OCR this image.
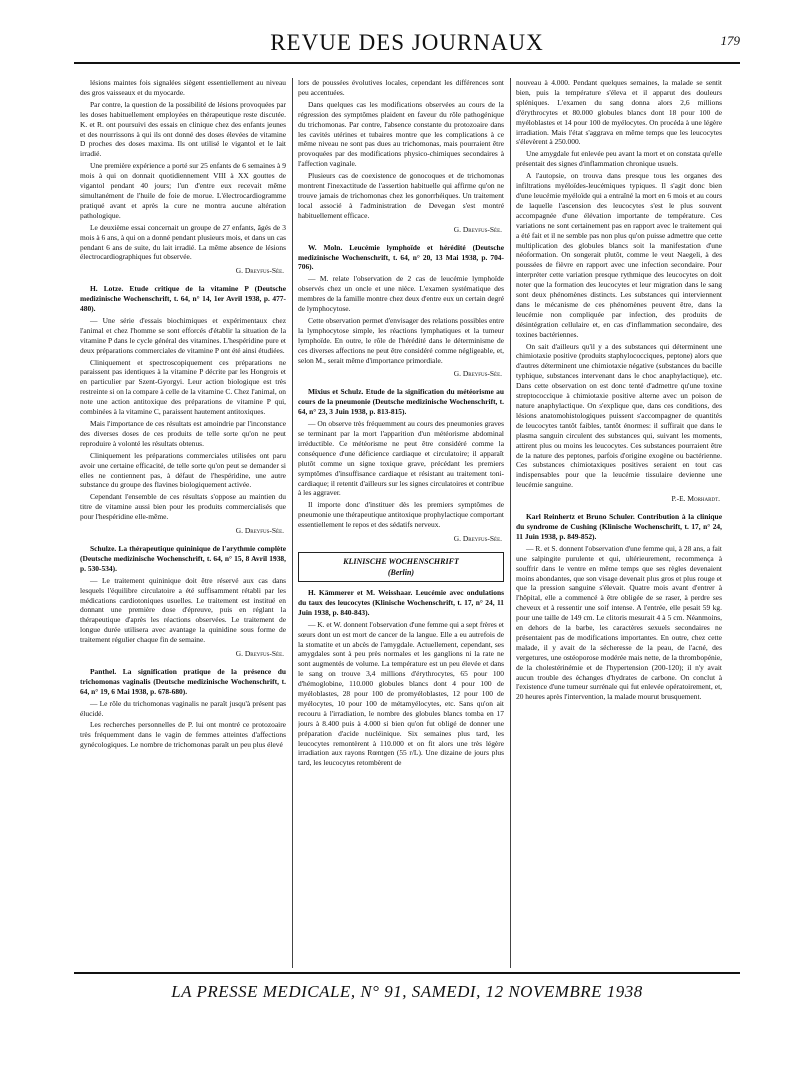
REVUE DES JOURNAUX	179

lésions maintes fois signalées siègent essentiellement au niveau des gros vaisseaux et du myocarde.

Par contre, la question de la possibilité de lésions provoquées par les doses habituellement employées en thérapeutique reste discutée. K. et R. ont poursuivi des essais en clinique chez des enfants jeunes et des nourrissons à qui ils ont donné des doses élevées de vitamine D proches des doses maxima. Ils ont utilisé le vigantol et le lait irradié.

Une première expérience a porté sur 25 enfants de 6 semaines à 9 mois à qui on donnait quotidiennement VIII à XX gouttes de vigantol pendant 40 jours; l'un d'entre eux recevait même simultanément de l'huile de foie de morue. L'électrocardiogramme pratiqué avant et après la cure ne montra aucune altération pathologique.

Le deuxième essai concernait un groupe de 27 enfants, âgés de 3 mois à 6 ans, à qui on a donné pendant plusieurs mois, et dans un cas pendant 6 ans de suite, du lait irradié. La même absence de lésions électrocardiographiques fut observée.

G. Dreyfus-Sée.

H. Lotze. Etude critique de la vitamine P (Deutsche medizinische Wochenschrift, t. 64, n° 14, 1er Avril 1938, p. 477-480).

— Une série d'essais biochimiques et expérimentaux chez l'animal et chez l'homme se sont efforcés d'établir la situation de la vitamine P dans le cycle général des vitamines. L'hespéridine pure et deux préparations commerciales de vitamine P ont été ainsi étudiées.

Cliniquement et spectroscopiquement ces préparations ne paraissent pas identiques à la vitamine P décrite par les Hongrois et en particulier par Szent-Gyorgyi. Leur action biologique est très restreinte si on la compare à celle de la vitamine C. Chez l'animal, on note une action antitoxique des préparations de vitamine P qui, combinées à la vitamine C, paraissent hautement antitoxiques.

Mais l'importance de ces résultats est amoindrie par l'inconstance des diverses doses de ces produits de telle sorte qu'on ne peut reproduire à volonté les résultats obtenus.

Cliniquement les préparations commerciales utilisées ont paru avoir une certaine efficacité, de telle sorte qu'on peut se demander si elles ne contiennent pas, à défaut de l'hespéridine, une autre substance du groupe des flavines biologiquement activée.

Cependant l'ensemble de ces résultats s'oppose au maintien du titre de vitamine aussi bien pour les produits commercialisés que pour l'hespéridine elle-même.

G. Dreyfus-Sée.

Schulze. La thérapeutique quininique de l'arythmie complète (Deutsche medizinische Wochenschrift, t. 64, n° 15, 8 Avril 1938, p. 530-534).

— Le traitement quininique doit être réservé aux cas dans lesquels l'équilibre circulatoire a été suffisamment rétabli par les médications cardiotoniques usuelles. Le traitement est institué en donnant une première dose d'épreuve, puis en réglant la thérapeutique d'après les réactions observées. Le traitement de longue durée utilisera avec avantage la quinidine sous forme de traitement régulier chaque fin de semaine.

G. Dreyfus-Sée.

Panthel. La signification pratique de la présence du trichomonas vaginalis (Deutsche medizinische Wochenschrift, t. 64, n° 19, 6 Mai 1938, p. 678-680).

— Le rôle du trichomonas vaginalis ne paraît jusqu'à présent pas élucidé.

Les recherches personnelles de P. lui ont montré ce protozoaire très fréquemment dans le vagin de femmes atteintes d'affections gynécologiques. Le nombre de trichomonas paraît un peu plus élevé

lors de poussées évolutives locales, cependant les différences sont peu accentuées.

Dans quelques cas les modifications observées au cours de la régression des symptômes plaident en faveur du rôle pathogénique du trichomonas. Par contre, l'absence constante du protozoaire dans les cavités utérines et tubaires montre que les complications à ce même niveau ne sont pas dues au trichomonas, mais pourraient être provoquées par des modifications physico-chimiques secondaires à l'affection vaginale.

Plusieurs cas de coexistence de gonocoques et de trichomonas montrent l'inexactitude de l'assertion habituelle qui affirme qu'on ne trouve jamais de trichomonas chez les gonorrhéiques. Un traitement local associé à l'administration de Devegan s'est montré habituellement efficace.

G. Dreyfus-Sée.

W. Moln. Leucémie lymphoïde et hérédité (Deutsche medizinische Wochenschrift, t. 64, n° 20, 13 Mai 1938, p. 704-706).

— M. relate l'observation de 2 cas de leucémie lymphoïde observés chez un oncle et une nièce. L'examen systématique des membres de la famille montre chez deux d'entre eux un certain degré de lymphocytose.

Cette observation permet d'envisager des relations possibles entre la lymphocytose simple, les réactions lymphatiques et la tumeur lymphoïde. En outre, le rôle de l'hérédité dans le déterminisme de ces diverses affections ne peut être considéré comme négligeable, et, selon M., serait même d'importance primordiale.

G. Dreyfus-Sée.

Mixius et Schulz. Etude de la signification du météorisme au cours de la pneumonie (Deutsche medizinische Wochenschrift, t. 64, n° 23, 3 Juin 1938, p. 813-815).

— On observe très fréquemment au cours des pneumonies graves se terminant par la mort l'apparition d'un météorisme abdominal irréductible. Ce météorisme ne peut être considéré comme la conséquence d'une déficience cardiaque et circulatoire; il apparaît plutôt comme un signe toxique grave, précédant les premiers symptômes d'insuffisance cardiaque et résistant au traitement toni-cardiaque; il retentit d'ailleurs sur les signes circulatoires et contribue à les aggraver.

Il importe donc d'instituer dès les premiers symptômes de pneumonie une thérapeutique antitoxique prophylactique comportant essentiellement le repos et des sédatifs nerveux.

G. Dreyfus-Sée.

KLINISCHE WOCHENSCHRIFT
(Berlin)

H. Kämmerer et M. Weisshaar. Leucémie avec ondulations du taux des leucocytes (Klinische Wochenschrift, t. 17, n° 24, 11 Juin 1938, p. 840-843).

— K. et W. donnent l'observation d'une femme qui a sept frères et sœurs dont un est mort de cancer de la langue. Elle a eu autrefois de la stomatite et un abcès de l'amygdale. Actuellement, cependant, ses amygdales sont à peu près normales et les ganglions ni la rate ne sont augmentés de volume. La température est un peu élevée et dans le sang on trouve 3,4 millions d'érythrocytes, 65 pour 100 d'hémoglobine, 110.000 globules blancs dont 4 pour 100 de myéloblastes, 28 pour 100 de promyéloblastes, 12 pour 100 de myélocytes, 10 pour 100 de métamyélocytes, etc. Sans qu'on ait recouru à l'irradiation, le nombre des globules blancs tomba en 17 jours à 8.400 puis à 4.000 si bien qu'on fut obligé de donner une préparation d'acide nucléinique. Six semaines plus tard, les leucocytes remontèrent à 110.000 et on fit alors une très légère irradiation aux rayons Rœntgen (55 r/L). Une dizaine de jours plus tard, les leucocytes retombèrent de

nouveau à 4.000. Pendant quelques semaines, la malade se sentit bien, puis la température s'éleva et il apparut des douleurs spléniques. L'examen du sang donna alors 2,6 millions d'érythrocytes et 80.000 globules blancs dont 18 pour 100 de myéloblastes et 14 pour 100 de myélocytes. On procéda à une légère irradiation. Mais l'état s'aggrava en même temps que les leucocytes s'élevèrent à 250.000.

Une amygdale fut enlevée peu avant la mort et on constata qu'elle présentait des signes d'inflammation chronique usuels.

A l'autopsie, on trouva dans presque tous les organes des infiltrations myéloïdes-leucémiques typiques. Il s'agit donc bien d'une leucémie myéloïde qui a entraîné la mort en 6 mois et au cours de laquelle l'ascension des leucocytes s'est le plus souvent accompagnée d'une élévation importante de température. Ces variations ne sont certainement pas en rapport avec le traitement qui a été fait et il ne semble pas non plus qu'on puisse admettre que cette multiplication des globules blancs soit la manifestation d'une néoformation. On songerait plutôt, comme le veut Naegeli, à des poussées de fièvre en rapport avec une infection secondaire. Pour interpréter cette variation presque rythmique des leucocytes on doit noter que la formation des leucocytes et leur migration dans le sang sont deux phénomènes distincts. Les substances qui interviennent dans le mécanisme de ces phénomènes peuvent être, dans la leucémie non compliquée par infection, des produits de désintégration cellulaire et, en cas d'inflammation secondaire, des toxines bactériennes.

On sait d'ailleurs qu'il y a des substances qui déterminent une chimiotaxie positive (produits staphylococciques, peptone) alors que d'autres déterminent une chimiotaxie négative (substances du bacille typhique, substances intervenant dans le choc anaphylactique), etc. Dans cette observation on est donc tenté d'admettre qu'une toxine streptococcique à chimiotaxie positive alterne avec un poison de nature anaphylactique. On s'explique que, dans ces conditions, des lésions anatomohistologiques puissent s'accompagner de quantités de leucocytes tantôt faibles, tantôt énormes: il suffirait que dans le plasma sanguin circulent des substances qui, suivant les moments, attirent plus ou moins les leucocytes. Ces substances pourraient être de la nature des peptones, parfois d'origine exogène ou bactérienne. Ces substances chimiotaxiques positives seraient en tout cas indispensables pour que la leucémie tissulaire devienne une leucémie sanguine.

P.-E. Morhardt.

Karl Reinhertz et Bruno Schuler. Contribution à la clinique du syndrome de Cushing (Klinische Wochenschrift, t. 17, n° 24, 11 Juin 1938, p. 849-852).

— R. et S. donnent l'observation d'une femme qui, à 28 ans, a fait une salpingite purulente et qui, ultérieurement, recommença à souffrir dans le ventre en même temps que ses règles devenaient moins abondantes, que son visage devenait plus gros et plus rouge et que la pression sanguine s'élevait. Quatre mois avant d'entrer à l'hôpital, elle a commencé à être obligée de se raser, à perdre ses cheveux et à ressentir une soif intense. A l'entrée, elle pesait 59 kg. pour une taille de 149 cm. Le clitoris mesurait 4 à 5 cm. Néanmoins, en dehors de la barbe, les caractères sexuels secondaires ne présentaient pas de modifications importantes. En outre, chez cette malade, il y avait de la sécheresse de la peau, de l'acné, des vergetures, une ostéoporose modérée mais nette, de la thrombopénie, de la cholestérinémie et de l'hypertension (200-120); il n'y avait aucun trouble des échanges d'hydrates de carbone. On conclut à l'existence d'une tumeur surrénale qui fut enlevée opératoirement, et, 20 heures après l'intervention, la malade mourut brusquement.

LA PRESSE MEDICALE, N° 91, SAMEDI, 12 NOVEMBRE 1938
